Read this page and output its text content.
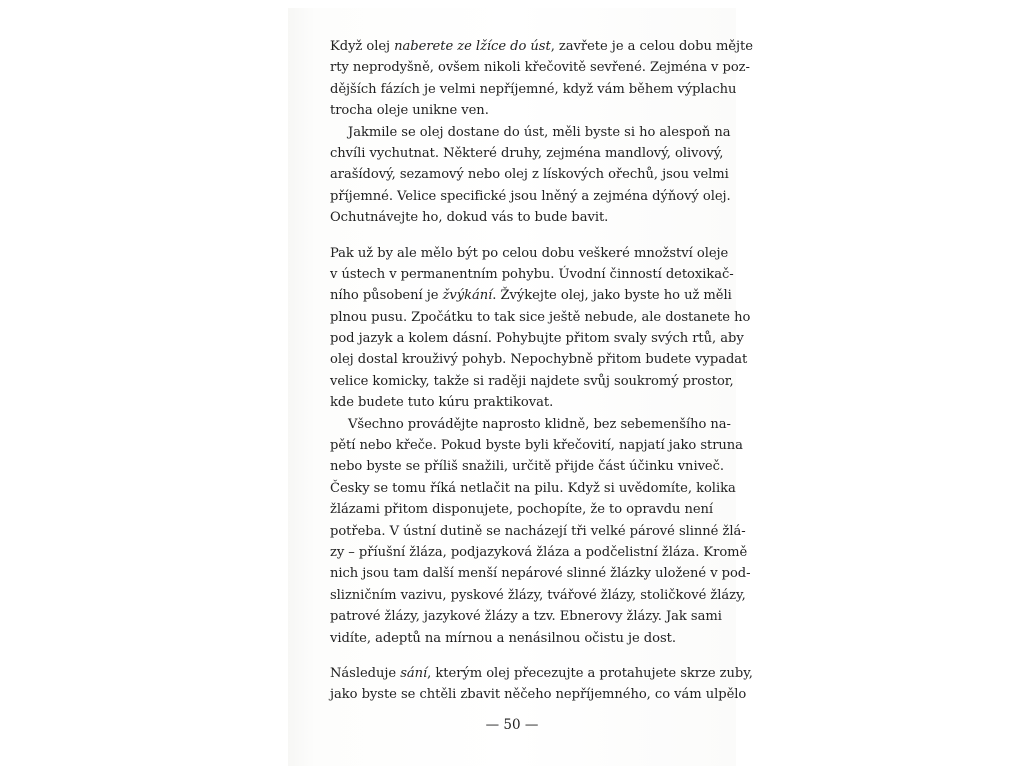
Když olej naberete ze lžíce do úst, zavřete je a celou dobu mějte
rty neprodyšně, ovšem nikoli křečovitě sevřené. Zejména v poz-
dějších fázích je velmi nepříjemné, když vám během výplachu
trocha oleje unikne ven.
Jakmile se olej dostane do úst, měli byste si ho alespoň na
chvíli vychutnat. Některé druhy, zejména mandlový, olivový,
arašídový, sezamový nebo olej z lískových ořechů, jsou velmi
příjemné. Velice specifické jsou lněný a zejména dýňový olej.
Ochutnávejte ho, dokud vás to bude bavit.
Pak už by ale mělo být po celou dobu veškeré množství oleje
v ústech v permanentním pohybu. Úvodní činností detoxikač-
ního působení je žvýkání. Žvýkejte olej, jako byste ho už měli
plnou pusu. Zpočátku to tak sice ještě nebude, ale dostanete ho
pod jazyk a kolem dásní. Pohybujte přitom svaly svých rtů, aby
olej dostal krouživý pohyb. Nepochybně přitom budete vypadat
velice komicky, takže si raději najdete svůj soukromý prostor,
kde budete tuto kúru praktikovat.
Všechno provádějte naprosto klidně, bez sebemenšího na-
pětí nebo křeče. Pokud byste byli křečovití, napjatí jako struna
nebo byste se příliš snažili, určitě přijde část účinku vniveč.
Česky se tomu říká netlačit na pilu. Když si uvědomíte, kolika
žlázami přitom disponujete, pochopíte, že to opravdu není
potřeba. V ústní dutině se nacházejí tři velké párové slinné žlá-
zy – příušní žláza, podjazyková žláza a podčelistní žláza. Kromě
nich jsou tam další menší nepárové slinné žlázky uložené v pod-
slizničním vazivu, pyskové žlázy, tvářové žlázy, stoličkové žlázy,
patrové žlázy, jazykové žlázy a tzv. Ebnerovy žlázy. Jak sami
vidíte, adeptů na mírnou a nenásilnou očistu je dost.
Následuje sání, kterým olej přecezujte a protahujete skrze zuby,
jako byste se chtěli zbavit něčeho nepříjemného, co vám ulpělo
— 50 —
